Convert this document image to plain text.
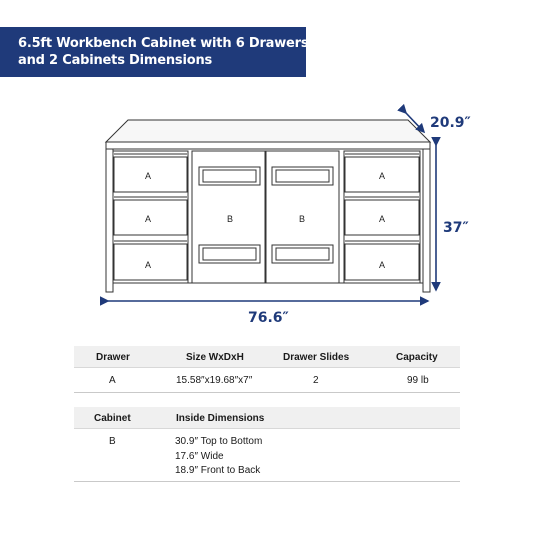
6.5ft Workbench Cabinet with 6 Drawers
and 2 Cabinets Dimensions
A
A
A
A
A
A
B	B
20.9″
37″
76.6″
Drawer	Size WxDxH	Drawer Slides	Capacity
A	15.58″x19.68″x7″	2	99 lb
Cabinet	Inside Dimensions
B	30.9″ Top to Bottom
17.6″ Wide
18.9″ Front to Back
